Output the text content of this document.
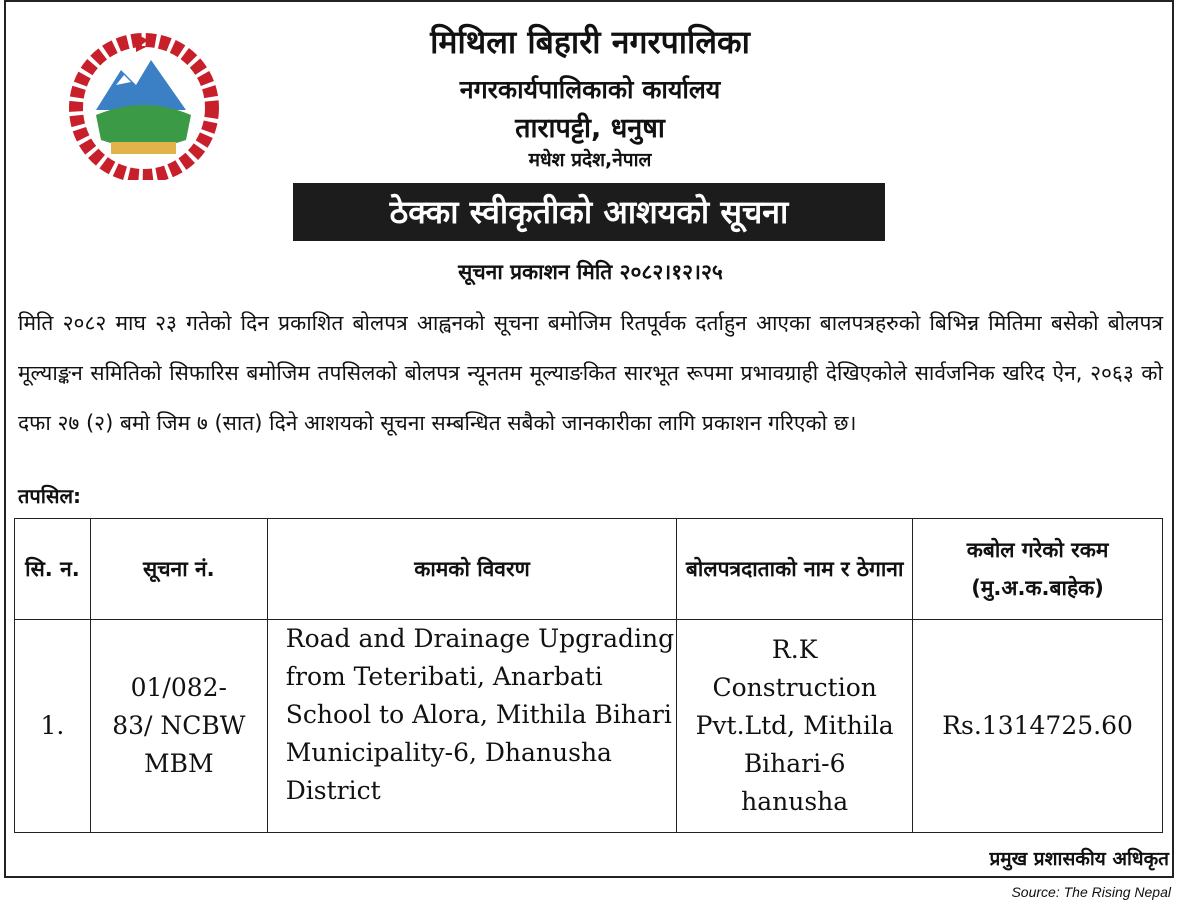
मिथिला बिहारी नगरपालिका
नगरकार्यपालिकाको कार्यालय
तारापट्टी, धनुषा
मधेश प्रदेश,नेपाल
ठेक्का स्वीकृतीको आशयको सूचना
सूचना प्रकाशन मिति २०८२।१२।२५
मिति २०८२ माघ २३ गतेको दिन प्रकाशित बोलपत्र आह्वनको सूचना बमोजिम रितपूर्वक दर्ताहुन आएका बालपत्रहरुको बिभिन्न मितिमा बसेको बोलपत्र मूल्याङ्कन समितिको सिफारिस बमोजिम तपसिलको बोलपत्र न्यूनतम मूल्याङकित सारभूत रूपमा प्रभावग्राही देखिएकोले सार्वजनिक खरिद ऐन, २०६३ को दफा २७ (२) बमो जिम ७ (सात) दिने आशयको सूचना सम्बन्धित सबैको जानकारीका लागि प्रकाशन गरिएको छ।
तपसिल:
सि. न.	सूचना नं.	कामको विवरण	बोलपत्रदाताको नाम र ठेगाना	कबोल गरेको रकम (मु.अ.क.बाहेक)
1.	01/082-83/ NCBW MBM	Road and Drainage Upgrading from Teteribati, Anarbati School to Alora, Mithila Bihari Municipality-6, Dhanusha District	R.K Construction Pvt.Ltd, Mithila Bihari-6 hanusha	Rs.1314725.60
प्रमुख प्रशासकीय अधिकृत
Source: The Rising Nepal
